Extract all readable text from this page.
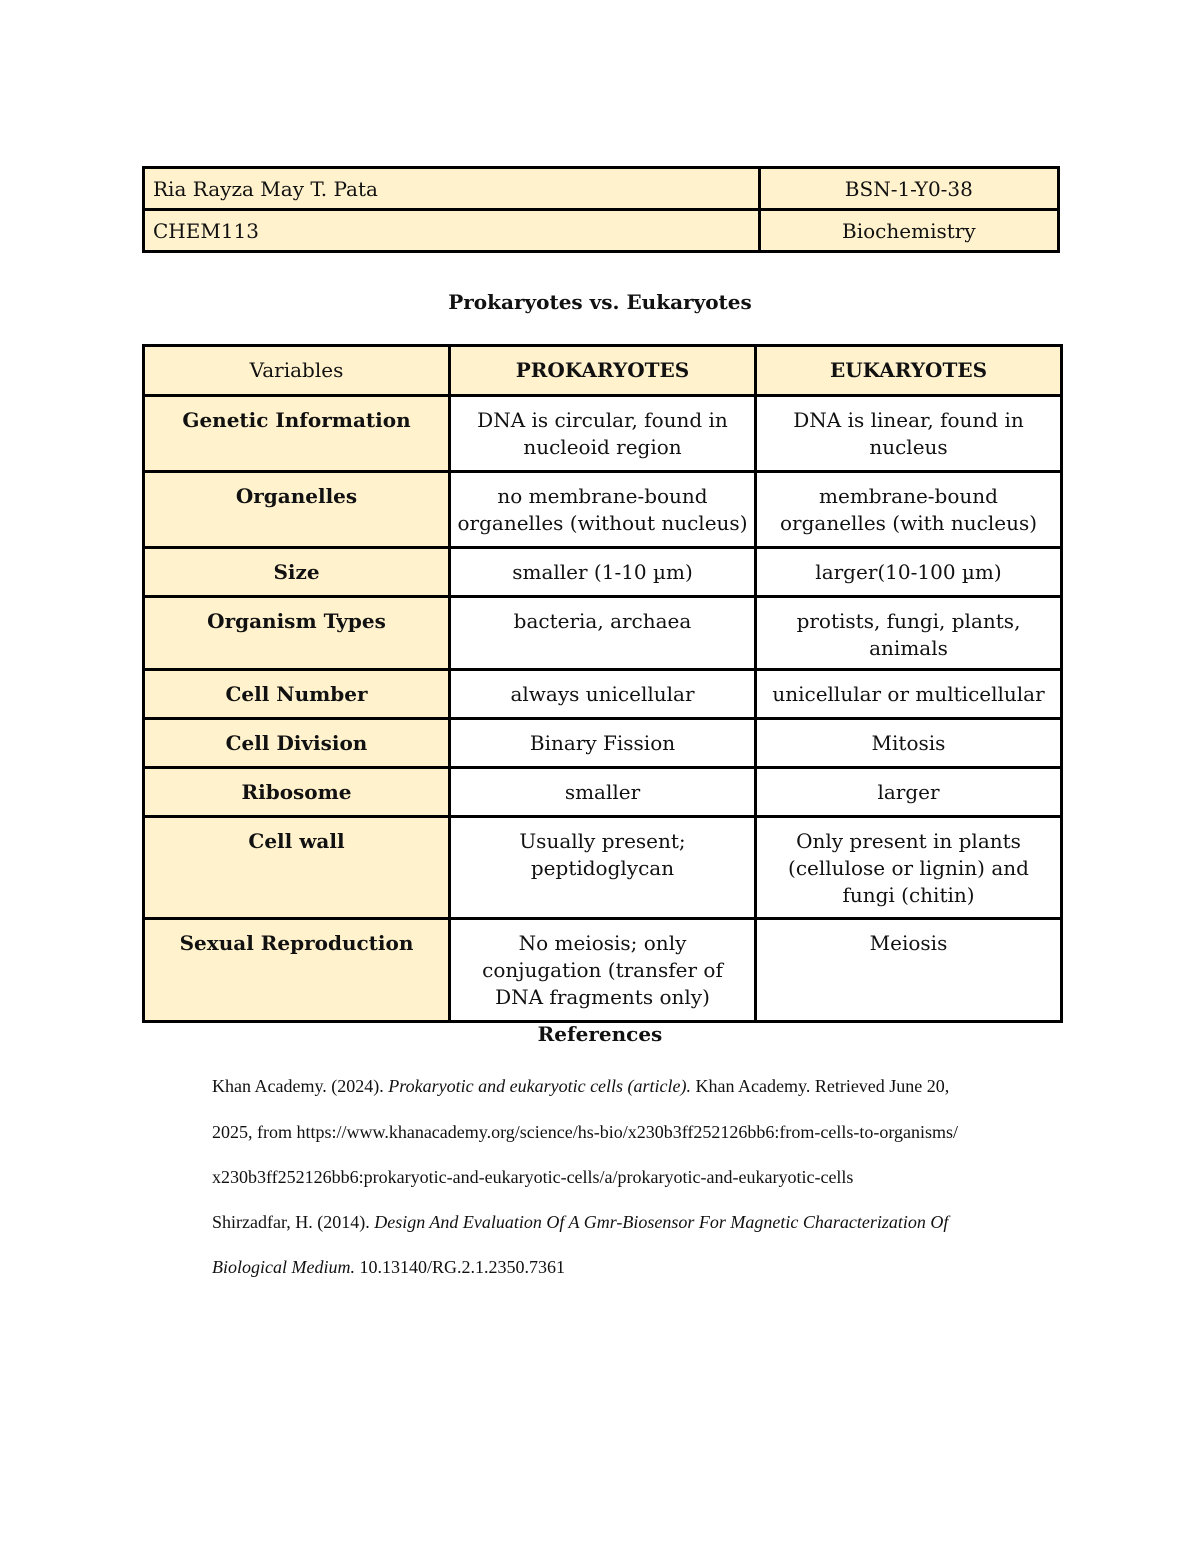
Ria Rayza May T. Pata	BSN-1-Y0-38
CHEM113	Biochemistry
Prokaryotes vs. Eukaryotes
Variables	PROKARYOTES	EUKARYOTES
Genetic Information	DNA is circular, found in nucleoid region	DNA is linear, found in nucleus
Organelles	no membrane-bound organelles (without nucleus)	membrane-bound organelles (with nucleus)
Size	smaller (1-10 µm)	larger(10-100 µm)
Organism Types	bacteria, archaea	protists, fungi, plants, animals
Cell Number	always unicellular	unicellular or multicellular
Cell Division	Binary Fission	Mitosis
Ribosome	smaller	larger
Cell wall	Usually present; peptidoglycan	Only present in plants (cellulose or lignin) and fungi (chitin)
Sexual Reproduction	No meiosis; only conjugation (transfer of DNA fragments only)	Meiosis
References
Khan Academy. (2024). Prokaryotic and eukaryotic cells (article). Khan Academy. Retrieved June 20,
2025, from https://www.khanacademy.org/science/hs-bio/x230b3ff252126bb6:from-cells-to-organisms/
x230b3ff252126bb6:prokaryotic-and-eukaryotic-cells/a/prokaryotic-and-eukaryotic-cells
Shirzadfar, H. (2014). Design And Evaluation Of A Gmr-Biosensor For Magnetic Characterization Of
Biological Medium. 10.13140/RG.2.1.2350.7361
